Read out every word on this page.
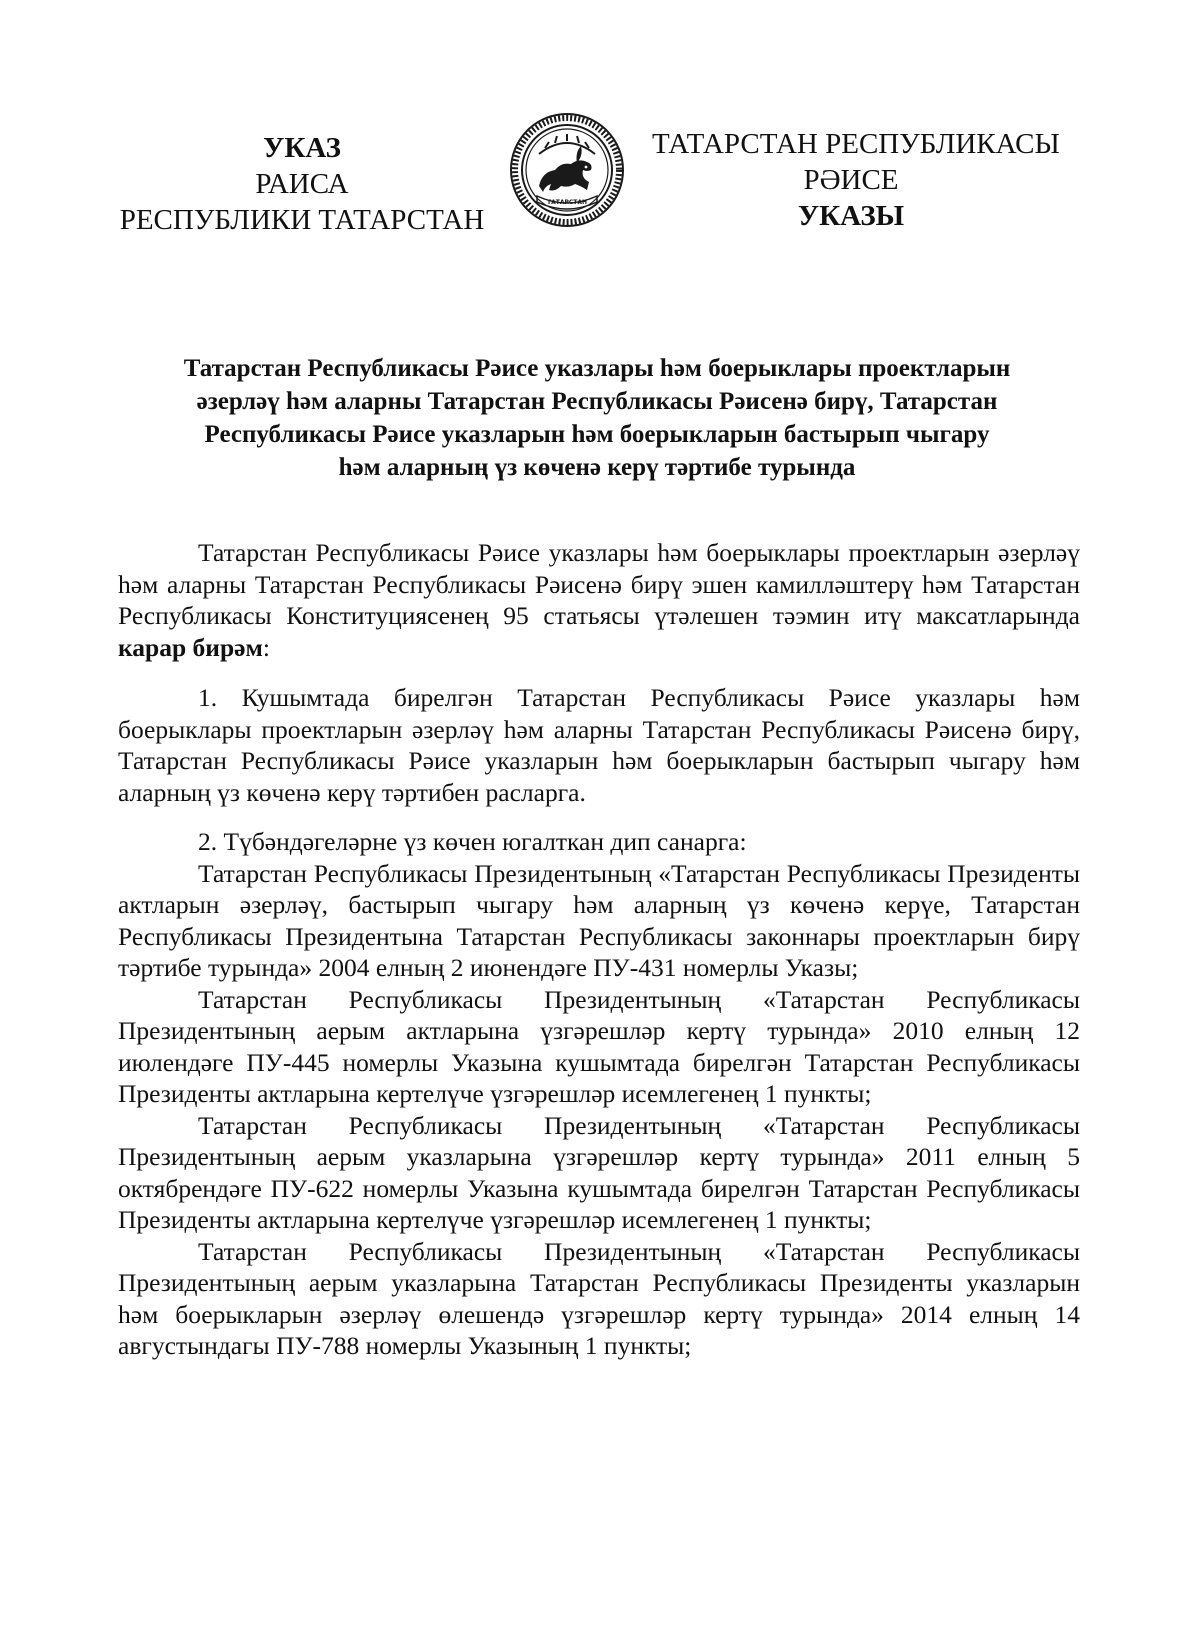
УКАЗ
РАИСА
РЕСПУБЛИКИ ТАТАРСТАН
ТАТАРСТАН
ТАТАРСТАН РЕСПУБЛИКАСЫ
РӘИСЕ
УКАЗЫ
Татарстан Республикасы Рәисе указлары һәм боерыклары проектларын
әзерләү һәм аларны Татарстан Республикасы Рәисенә бирү, Татарстан
Республикасы Рәисе указларын һәм боерыкларын бастырып чыгару
һәм аларның үз көченә керү тәртибе турында

Татарстан Республикасы Рәисе указлары һәм боерыклары проектларын әзерләү һәм аларны Татарстан Республикасы Рәисенә бирү эшен камилләштерү һәм Татарстан Республикасы Конституциясенең 95 статьясы үтәлешен тәэмин итү максатларында карар бирәм:

1. Кушымтада бирелгән Татарстан Республикасы Рәисе указлары һәм боерыклары проектларын әзерләү һәм аларны Татарстан Республикасы Рәисенә бирү, Татарстан Республикасы Рәисе указларын һәм боерыкларын бастырып чыгару һәм аларның үз көченә керү тәртибен расларга.

2. Түбәндәгеләрне үз көчен югалткан дип санарга:

Татарстан Республикасы Президентының «Татарстан Республикасы Президенты актларын әзерләү, бастырып чыгару һәм аларның үз көченә керүе, Татарстан Республикасы Президентына Татарстан Республикасы законнары проектларын бирү тәртибе турында» 2004 елның 2 июнендәге ПУ-431 номерлы Указы;

Татарстан Республикасы Президентының «Татарстан Республикасы Президентының аерым актларына үзгәрешләр кертү турында» 2010 елның 12 июлендәге ПУ-445 номерлы Указына кушымтада бирелгән Татарстан Республикасы Президенты актларына кертелүче үзгәрешләр исемлегенең 1 пункты;

Татарстан Республикасы Президентының «Татарстан Республикасы Президентының аерым указларына үзгәрешләр кертү турында» 2011 елның 5 октябрендәге ПУ-622 номерлы Указына кушымтада бирелгән Татарстан Республикасы Президенты актларына кертелүче үзгәрешләр исемлегенең 1 пункты;

Татарстан Республикасы Президентының «Татарстан Республикасы Президентының аерым указларына Татарстан Республикасы Президенты указларын һәм боерыкларын әзерләү өлешендә үзгәрешләр кертү турында» 2014 елның 14 августындагы ПУ-788 номерлы Указының 1 пункты;
